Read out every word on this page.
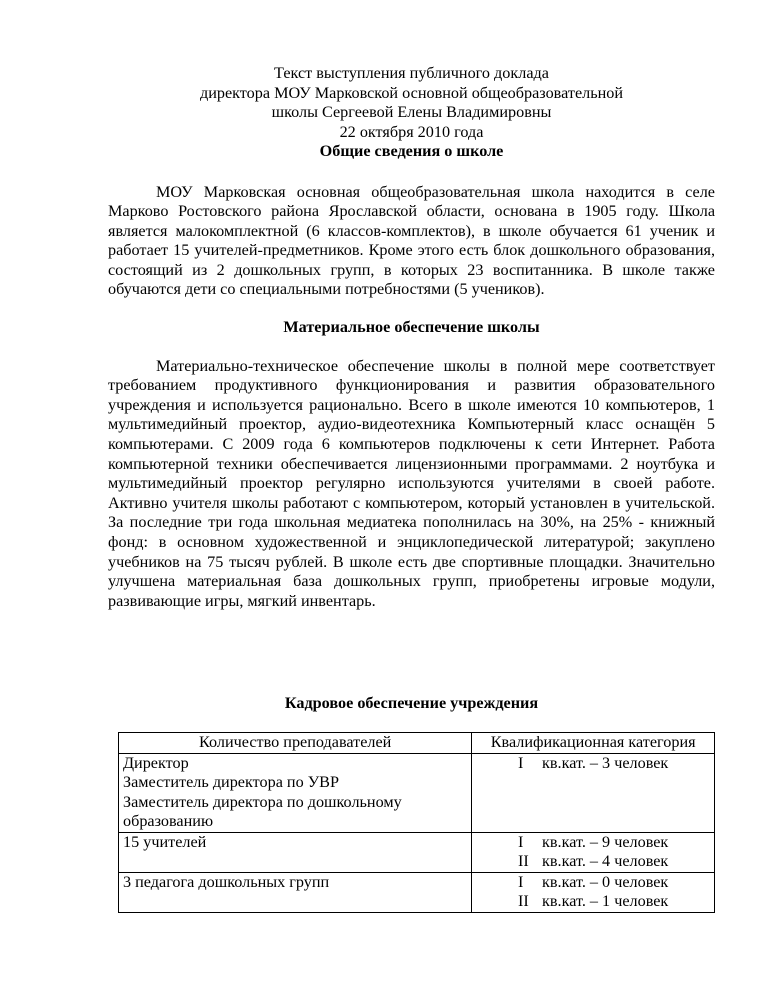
Текст выступления публичного доклада

директора МОУ Марковской основной общеобразовательной

школы Сергеевой Елены Владимировны

22 октября 2010 года

Общие сведения о школе

МОУ Марковская основная общеобразовательная школа находится в селе Марково Ростовского района Ярославской области, основана в 1905 году. Школа является малокомплектной (6 классов-комплектов), в школе обучается 61 ученик и работает 15 учителей-предметников. Кроме этого есть блок дошкольного образования, состоящий из 2 дошкольных групп, в которых 23 воспитанника. В школе также обучаются дети со специальными потребностями (5 учеников).

Материальное обеспечение школы

Материально-техническое обеспечение школы в полной мере соответствует требованием продуктивного функционирования и развития образовательного учреждения и используется рационально. Всего в школе имеются 10 компьютеров, 1 мультимедийный проектор, аудио-видеотехника Компьютерный класс оснащён 5 компьютерами. С 2009 года 6 компьютеров подключены к сети Интернет. Работа компьютерной техники обеспечивается лицензионными программами. 2 ноутбука и мультимедийный проектор регулярно используются учителями в своей работе. Активно учителя школы работают с компьютером, который установлен в учительской. За последние три года школьная медиатека пополнилась на 30%, на 25% - книжный фонд: в основном художественной и энциклопедической литературой; закуплено учебников на 75 тысяч рублей. В школе есть две спортивные площадки. Значительно улучшена материальная база дошкольных групп, приобретены игровые модули, развивающие игры, мягкий инвентарь.

Кадровое обеспечение учреждения

Количество преподавателей	Квалификационная категория

Директор
Заместитель директора по УВР
Заместитель директора по дошкольному образованию	I кв.кат. – 3 человек

15 учителей	I кв.кат. – 9 человек
II кв.кат. – 4 человек

3 педагога дошкольных групп	I кв.кат. – 0 человек
II кв.кат. – 1 человек
